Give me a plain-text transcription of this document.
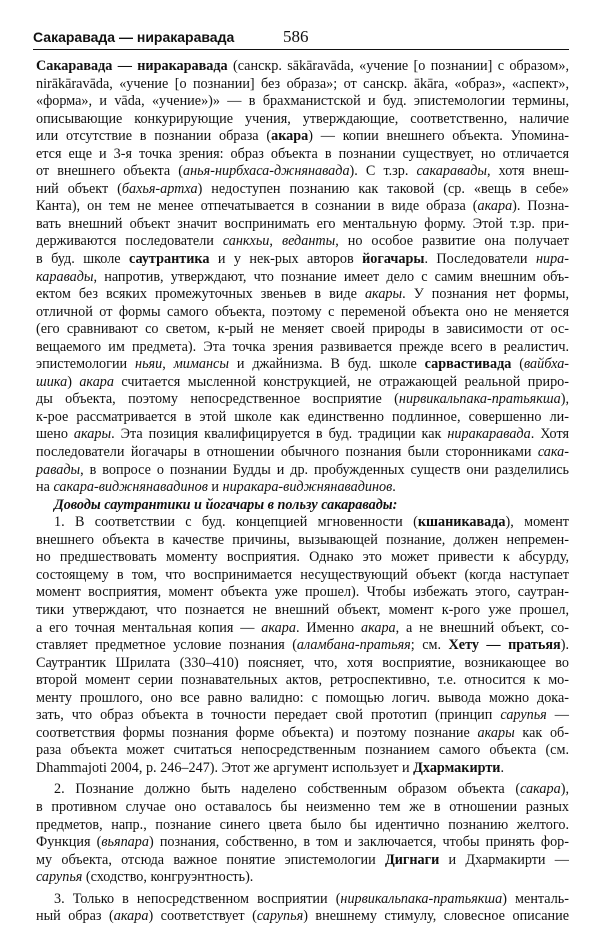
Сакаравада — ниракаравада	586
Сакаравада — ниракаравада (санскр. sākāravāda, «учение [о познании] с образом»,
nirākāravāda, «учение [о познании] без образа»; от санскр. ākāra, «образ», «аспект»,
«форма», и vāda, «учение»)» — в брахманистской и буд. эпистемологии термины,
описывающие конкурирующие учения, утверждающие, соответственно, наличие
или отсутствие в познании образа (акара) — копии внешнего объекта. Упомина-
ется еще и 3-я точка зрения: образ объекта в познании существует, но отличается
от внешнего объекта (анья-нирбхаса-джнянавада). С т.зр. сакаравады, хотя внеш-
ний объект (бахья-артха) недоступен познанию как таковой (ср. «вещь в себе»
Канта), он тем не менее отпечатывается в сознании в виде образа (акара). Позна-
вать внешний объект значит воспринимать его ментальную форму. Этой т.зр. при-
держиваются последователи санкхьи, веданты, но особое развитие она получает
в буд. школе саутрантика и у нек-рых авторов йогачары. Последователи нира-
каравады, напротив, утверждают, что познание имеет дело с самим внешним объ-
ектом без всяких промежуточных звеньев в виде акары. У познания нет формы,
отличной от формы самого объекта, поэтому с переменой объекта оно не меняется
(его сравнивают со светом, к-рый не меняет своей природы в зависимости от ос-
вещаемого им предмета). Эта точка зрения развивается прежде всего в реалистич.
эпистемологии ньяи, мимансы и джайнизма. В буд. школе сарвастивада (вайбха-
шика) акара считается мысленной конструкцией, не отражающей реальной приро-
ды объекта, поэтому непосредственное восприятие (нирвикальпака-пратьякша),
к-рое рассматривается в этой школе как единственно подлинное, совершенно ли-
шено акары. Эта позиция квалифицируется в буд. традиции как ниракаравада. Хотя
последователи йогачары в отношении обычного познания были сторонниками сака-
равады, в вопросе о познании Будды и др. пробужденных существ они разделились
на сакара-виджнянавадинов и ниракара-виджнянавадинов.
Доводы саутрантики и йогачары в пользу сакаравады:
1. В соответствии с буд. концепцией мгновенности (кшаникавада), момент
внешнего объекта в качестве причины, вызывающей познание, должен непремен-
но предшествовать моменту восприятия. Однако это может привести к абсурду,
состоящему в том, что воспринимается несуществующий объект (когда наступает
момент восприятия, момент объекта уже прошел). Чтобы избежать этого, саутран-
тики утверждают, что познается не внешний объект, момент к-рого уже прошел,
а его точная ментальная копия — акара. Именно акара, а не внешний объект, со-
ставляет предметное условие познания (аламбана-пратьяя; см. Хету — пратьяя).
Саутрантик Шрилата (330–410) поясняет, что, хотя восприятие, возникающее во
второй момент серии познавательных актов, ретроспективно, т.е. относится к мо-
менту прошлого, оно все равно валидно: с помощью логич. вывода можно дока-
зать, что образ объекта в точности передает свой прототип (принцип сарупья —
соответствия формы познания форме объекта) и поэтому познание акары как об-
раза объекта может считаться непосредственным познанием самого объекта (см.
Dhammajoti 2004, p. 246–247). Этот же аргумент использует и Дхармакирти.
2. Познание должно быть наделено собственным образом объекта (сакара),
в противном случае оно оставалось бы неизменно тем же в отношении разных
предметов, напр., познание синего цвета было бы идентично познанию желтого.
Функция (вьяпара) познания, собственно, в том и заключается, чтобы принять фор-
му объекта, отсюда важное понятие эпистемологии Дигнаги и Дхармакирти —
сарупья (сходство, конгруэнтность).
3. Только в непосредственном восприятии (нирвикальпака-пратьякша) менталь-
ный образ (акара) соответствует (сарупья) внешнему стимулу, словесное описание
